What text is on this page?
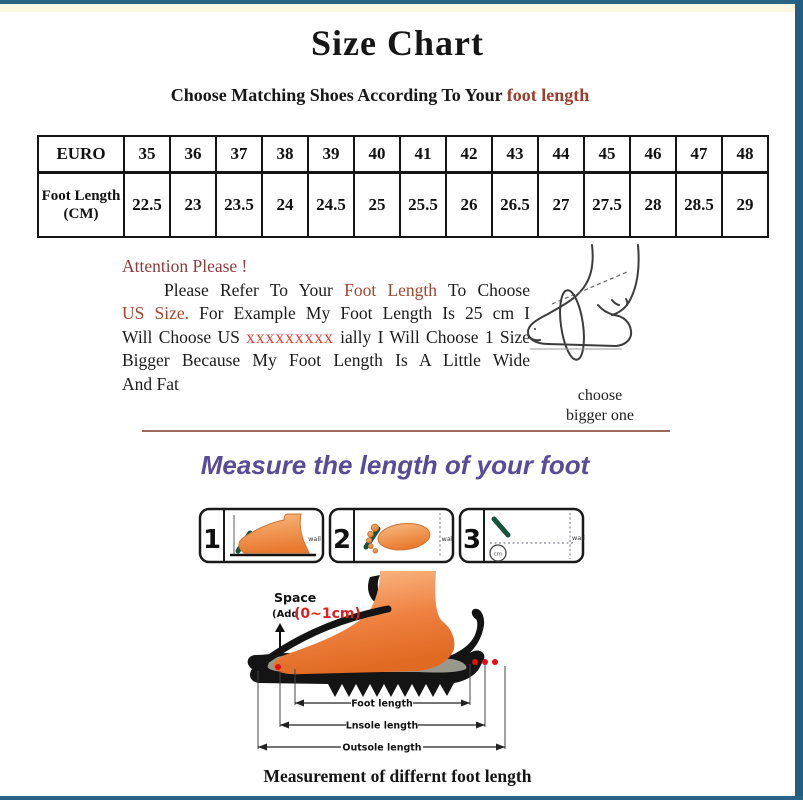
Size Chart
Choose Matching Shoes According To Your foot length
EURO	35	36	37	38	39	40	41	42	43	44	45	46	47	48
Foot Length (CM)	22.5	23	23.5	24	24.5	25	25.5	26	26.5	27	27.5	28	28.5	29
Attention Please !
Please Refer To Your Foot Length To Choose
US Size. For Example My Foot Length Is 25 cm I
Will Choose US xxxxxxxxx ially I Will Choose 1 Size
Bigger Because My Foot Length Is A Little Wide
And Fat
choose
bigger one
Measure the length of your foot
1	wall 2	wall 3 cm
wall
Space
(Add
(0~1cm)
Foot length
Lnsole length
Outsole length
Measurement of differnt foot length
